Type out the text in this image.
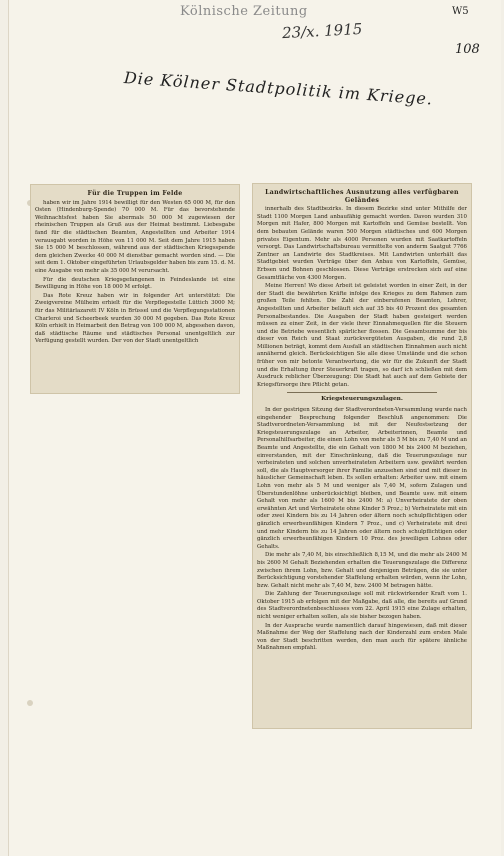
Kölnische Zeitung
23/x. 1915
W5
108
Die Kölner Stadtpolitik im Kriege.
Für die Truppen im Felde

haben wir im Jahre 1914 bewilligt für den Westen 65 000 M, für den Osten (Hindenburg-Spende) 70 000 M. Für das bevorstehende Weihnachtsfest haben Sie abermals 50 000 M zugewiesen der rheinischen Truppen als Gruß aus der Heimat bestimmt. Liebesgabe fand für die städtischen Beamten, Angestellten und Arbeiter 1914 verausgabt worden in Höhe von 11 000 M. Seit dem Jahre 1915 haben Sie 15 000 M beschlossen, während aus der städtischen Kriegsspende dem gleichen Zwecke 40 000 M dienstbar gemacht worden sind. — Die seit dem 1. Oktober eingeführten Urlaubsgelder haben bis zum 15. d. M. eine Ausgabe von mehr als 35 000 M verursacht.

Für die deutschen Kriegsgefangenen in Feindeslande ist eine Bewilligung in Höhe von 18 000 M erfolgt.

Das Rote Kreuz haben wir in folgender Art unterstützt: Die Zweigvereine Mülheim erhielt für die Verpflegestelle Lüttich 3000 M; für das Militärlazarett IV Köln in Brüssel und die Verpflegungsstationen Charleroi und Scheerbeek wurden 30 000 M gegeben. Das Rote Kreuz Köln erhielt in Heimarbeit den Betrag von 100 000 M, abgesehen davon, daß städtische Räume und städtisches Personal unentgeltlich zur Verfügung gestellt wurden. Der von der Stadt unentgeltlich

Landwirtschaftliches Ausnutzung alles verfügbaren Geländes

innerhalb des Stadtbezirks. In diesem Bezirke sind unter Mithilfe der Stadt 1100 Morgen Land anbaufähig gemacht worden. Davon wurden 310 Morgen mit Hafer, 800 Morgen mit Kartoffeln und Gemüse bestellt. Von dem bebauten Gelände waren 500 Morgen städtisches und 600 Morgen privates Eigentum. Mehr als 4000 Personen wurden mit Saatkartoffeln versorgt. Das Landwirtschaftsbureau vermittelte von anderm Saatgut 7766 Zentner an Landwirte des Stadtkreises. Mit Landwirten unterhält das Stadtgebiet wurden Verträge über den Anbau von Kartoffeln, Gemüse, Erbsen und Bohnen geschlossen. Diese Verträge erstrecken sich auf eine Gesamtfläche von 4300 Morgen.

Meine Herren! Wo diese Arbeit ist geleistet worden in einer Zeit, in der der Stadt die bewährten Kräfte infolge des Krieges zu dem Rahmen zum großen Teile fehlten. Die Zahl der einberufenen Beamten, Lehrer, Angestellten und Arbeiter beläuft sich auf 35 bis 40 Prozent des gesamten Personalbestandes. Die Ausgaben der Stadt haben gesteigert werden müssen zu einer Zeit, in der viele ihrer Einnahmequellen für die Steuern und die Betriebe wesentlich spärlicher flossen. Die Gesamtsumme der bis dieser von Reich und Staat zurückvergüteten Ausgaben, die rund 2,8 Millionen beträgt, kommt dem Ausfall an städtischen Einnahmen auch nicht annähernd gleich. Berücksichtigen Sie alle diese Umstände und die schon früher von mir betonte Verantwortung, die wir für die Zukunft der Stadt und die Erhaltung ihrer Steuerkraft tragen, so darf ich schließen mit dem Ausdruck reblicher Überzeugung: Die Stadt hat auch auf dem Gebiete der Kriegsfürsorge ihre Pflicht getan.

Kriegsteuerungszulagen.

In der gestrigen Sitzung der Stadtverordneten-Versammlung wurde nach eingehender Besprechung folgender Beschluß angenommen: Die Stadtverordneten-Versammlung ist mit der Neufestsetzung der Kriegsteuerungszulage an Arbeiter, Arbeiterinnen, Beamte und Personalhilfsarbeiter, die einen Lohn von mehr als 5 M bis zu 7,40 M und an Beamte und Angestellte, die ein Gehalt von 1800 M bis 2400 M beziehen, einverstanden, mit der Einschränkung, daß die Teuerungszulage nur verheirateten und solchen unverheirateten Arbeitern usw. gewährt werden soll, die als Hauptversorger ihrer Familie anzusehen sind und mit dieser in häuslicher Gemeinschaft leben. Es sollen erhalten: Arbeiter usw. mit einem Lohn von mehr als 5 M und weniger als 7,40 M, sofern Zulagen und Überstundenlöhne unberücksichtigt bleiben, und Beamte usw. mit einem Gehalt von mehr als 1600 M bis 2400 M: a) Unverheiratete der oben erwähnten Art und Verheiratete ohne Kinder 5 Proz.; b) Verheiratete mit ein oder zwei Kindern bis zu 14 Jahren oder ältern noch schulpflichtigen oder gänzlich erwerbsunfähigen Kindern 7 Proz., und c) Verheiratete mit drei und mehr Kindern bis zu 14 Jahren oder ältern noch schulpflichtigen oder gänzlich erwerbsunfähigen Kindern 10 Proz. des jeweiligen Lohnes oder Gehalts.

Die mehr als 7,40 M, bis einschließlich 8,15 M, und die mehr als 2400 M bis 2600 M Gehalt Beziehenden erhalten die Teuerungszulage die Differenz zwischen ihrem Lohn, bzw. Gehalt und denjenigen Beträgen, die sie unter Berücksichtigung vorstehender Staffelung erhalten würden, wenn ihr Lohn, bzw. Gehalt nicht mehr als 7,40 M, bzw. 2400 M betragen hätte.

Die Zahlung der Teuerungszulage soll mit rückwirkender Kraft vom 1. Oktober 1915 ab erfolgen mit der Maßgabe, daß alle, die bereits auf Grund des Stadtverordnetenbeschlusses vom 22. April 1915 eine Zulage erhalten, nicht weniger erhalten sollen, als sie bisher bezogen haben.

In der Ausprache wurde namentlich darauf hingewiesen, daß mit dieser Maßnahme der Weg der Staffelung nach der Kinderzahl zum ersten Male von der Stadt beschritten werden, den man auch für spätere ähnliche Maßnahmen empfahl.
